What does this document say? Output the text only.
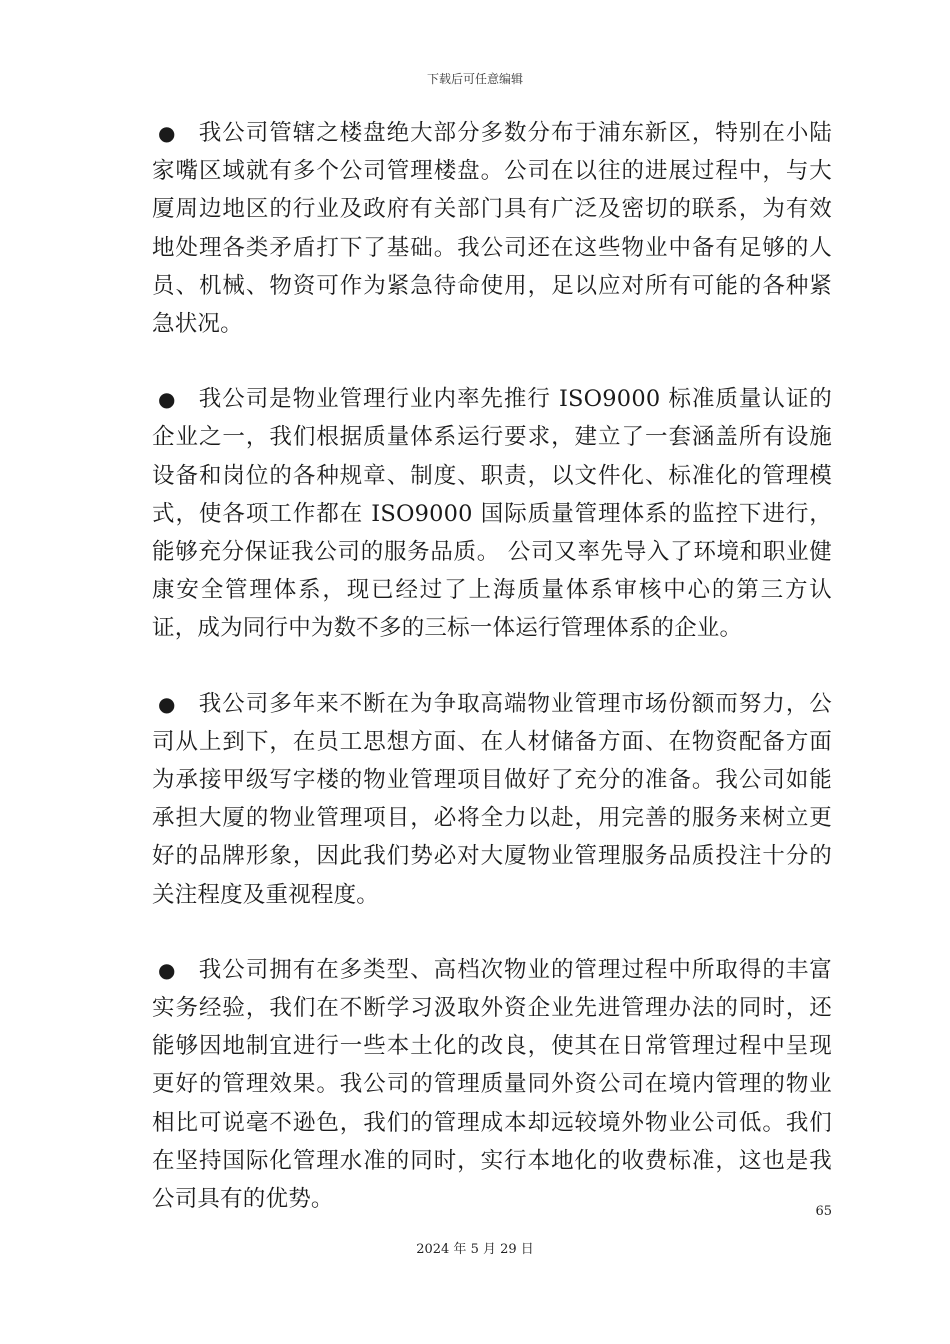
下载后可任意编辑

● 我公司管辖之楼盘绝大部分多数分布于浦东新区，特别在小陆家嘴区域就有多个公司管理楼盘。公司在以往的进展过程中，与大厦周边地区的行业及政府有关部门具有广泛及密切的联系，为有效地处理各类矛盾打下了基础。我公司还在这些物业中备有足够的人员、机械、物资可作为紧急待命使用，足以应对所有可能的各种紧急状况。

● 我公司是物业管理行业内率先推行 ISO9000 标准质量认证的企业之一，我们根据质量体系运行要求，建立了一套涵盖所有设施设备和岗位的各种规章、制度、职责，以文件化、标准化的管理模式，使各项工作都在 ISO9000 国际质量管理体系的监控下进行，能够充分保证我公司的服务品质。 公司又率先导入了环境和职业健康安全管理体系，现已经过了上海质量体系审核中心的第三方认证，成为同行中为数不多的三标一体运行管理体系的企业。

● 我公司多年来不断在为争取高端物业管理市场份额而努力，公司从上到下，在员工思想方面、在人材储备方面、在物资配备方面为承接甲级写字楼的物业管理项目做好了充分的准备。我公司如能承担大厦的物业管理项目，必将全力以赴，用完善的服务来树立更好的品牌形象，因此我们势必对大厦物业管理服务品质投注十分的关注程度及重视程度。

● 我公司拥有在多类型、高档次物业的管理过程中所取得的丰富实务经验，我们在不断学习汲取外资企业先进管理办法的同时，还能够因地制宜进行一些本土化的改良，使其在日常管理过程中呈现更好的管理效果。我公司的管理质量同外资公司在境内管理的物业相比可说毫不逊色，我们的管理成本却远较境外物业公司低。我们在坚持国际化管理水准的同时，实行本地化的收费标准，这也是我公司具有的优势。	65
2024 年 5 月 29 日
